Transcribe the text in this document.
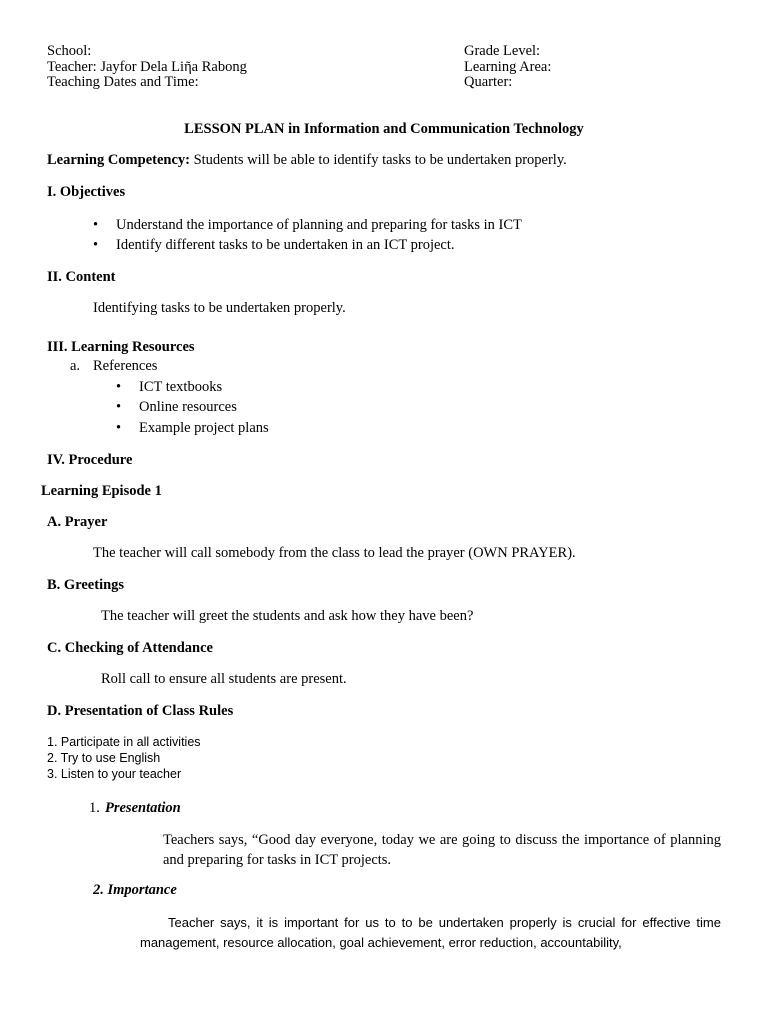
School:
Teacher: Jayfor Dela Liῆa Rabong
Teaching Dates and Time:
Grade Level:
Learning Area:
Quarter:
LESSON PLAN in Information and Communication Technology
Learning Competency: Students will be able to identify tasks to be undertaken properly.
I. Objectives
• Understand the importance of planning and preparing for tasks in ICT
• Identify different tasks to be undertaken in an ICT project.
II. Content
Identifying tasks to be undertaken properly.
III. Learning Resources
a. References
• ICT textbooks
• Online resources
• Example project plans
IV. Procedure
Learning Episode 1
A. Prayer
The teacher will call somebody from the class to lead the prayer (OWN PRAYER).
B. Greetings
The teacher will greet the students and ask how they have been?
C. Checking of Attendance
Roll call to ensure all students are present.
D. Presentation of Class Rules
1. Participate in all activities
2. Try to use English
3. Listen to your teacher
1. Presentation
Teachers says, “Good day everyone, today we are going to discuss the importance of planning and preparing for tasks in ICT projects.
2. Importance
Teacher says, it is important for us to to be undertaken properly is crucial for effective time management, resource allocation, goal achievement, error reduction, accountability,
